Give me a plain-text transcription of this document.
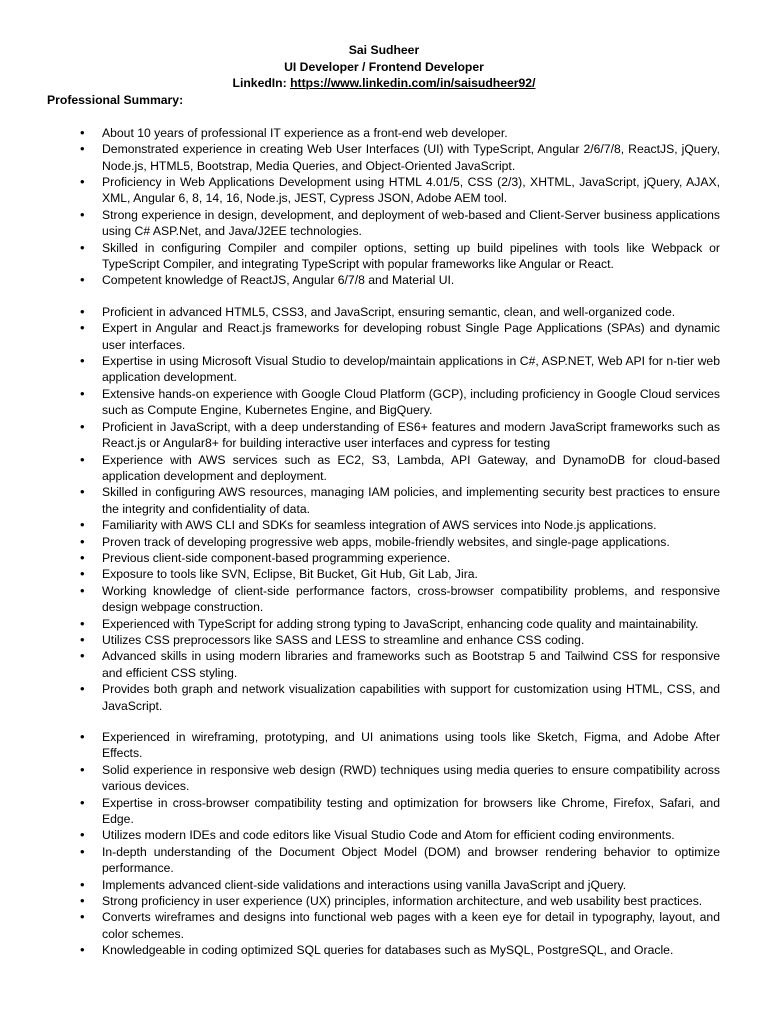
Sai Sudheer
UI Developer / Frontend Developer
LinkedIn: https://www.linkedin.com/in/saisudheer92/
Professional Summary:
• About 10 years of professional IT experience as a front-end web developer.
• Demonstrated experience in creating Web User Interfaces (UI) with TypeScript, Angular 2/6/7/8, ReactJS, jQuery, Node.js, HTML5, Bootstrap, Media Queries, and Object-Oriented JavaScript.
• Proficiency in Web Applications Development using HTML 4.01/5, CSS (2/3), XHTML, JavaScript, jQuery, AJAX, XML, Angular 6, 8, 14, 16, Node.js, JEST, Cypress JSON, Adobe AEM tool.
• Strong experience in design, development, and deployment of web-based and Client-Server business applications using C# ASP.Net, and Java/J2EE technologies.
• Skilled in configuring Compiler and compiler options, setting up build pipelines with tools like Webpack or TypeScript Compiler, and integrating TypeScript with popular frameworks like Angular or React.
• Competent knowledge of ReactJS, Angular 6/7/8 and Material UI.
• Proficient in advanced HTML5, CSS3, and JavaScript, ensuring semantic, clean, and well-organized code.
• Expert in Angular and React.js frameworks for developing robust Single Page Applications (SPAs) and dynamic user interfaces.
• Expertise in using Microsoft Visual Studio to develop/maintain applications in C#, ASP.NET, Web API for n-tier web application development.
• Extensive hands-on experience with Google Cloud Platform (GCP), including proficiency in Google Cloud services such as Compute Engine, Kubernetes Engine, and BigQuery.
• Proficient in JavaScript, with a deep understanding of ES6+ features and modern JavaScript frameworks such as React.js or Angular8+ for building interactive user interfaces and cypress for testing
• Experience with AWS services such as EC2, S3, Lambda, API Gateway, and DynamoDB for cloud-based application development and deployment.
• Skilled in configuring AWS resources, managing IAM policies, and implementing security best practices to ensure the integrity and confidentiality of data.
• Familiarity with AWS CLI and SDKs for seamless integration of AWS services into Node.js applications.
• Proven track of developing progressive web apps, mobile-friendly websites, and single-page applications.
• Previous client-side component-based programming experience.
• Exposure to tools like SVN, Eclipse, Bit Bucket, Git Hub, Git Lab, Jira.
• Working knowledge of client-side performance factors, cross-browser compatibility problems, and responsive design webpage construction.
• Experienced with TypeScript for adding strong typing to JavaScript, enhancing code quality and maintainability.
• Utilizes CSS preprocessors like SASS and LESS to streamline and enhance CSS coding.
• Advanced skills in using modern libraries and frameworks such as Bootstrap 5 and Tailwind CSS for responsive and efficient CSS styling.
• Provides both graph and network visualization capabilities with support for customization using HTML, CSS, and JavaScript.
• Experienced in wireframing, prototyping, and UI animations using tools like Sketch, Figma, and Adobe After Effects.
• Solid experience in responsive web design (RWD) techniques using media queries to ensure compatibility across various devices.
• Expertise in cross-browser compatibility testing and optimization for browsers like Chrome, Firefox, Safari, and Edge.
• Utilizes modern IDEs and code editors like Visual Studio Code and Atom for efficient coding environments.
• In-depth understanding of the Document Object Model (DOM) and browser rendering behavior to optimize performance.
• Implements advanced client-side validations and interactions using vanilla JavaScript and jQuery.
• Strong proficiency in user experience (UX) principles, information architecture, and web usability best practices.
• Converts wireframes and designs into functional web pages with a keen eye for detail in typography, layout, and color schemes.
• Knowledgeable in coding optimized SQL queries for databases such as MySQL, PostgreSQL, and Oracle.
